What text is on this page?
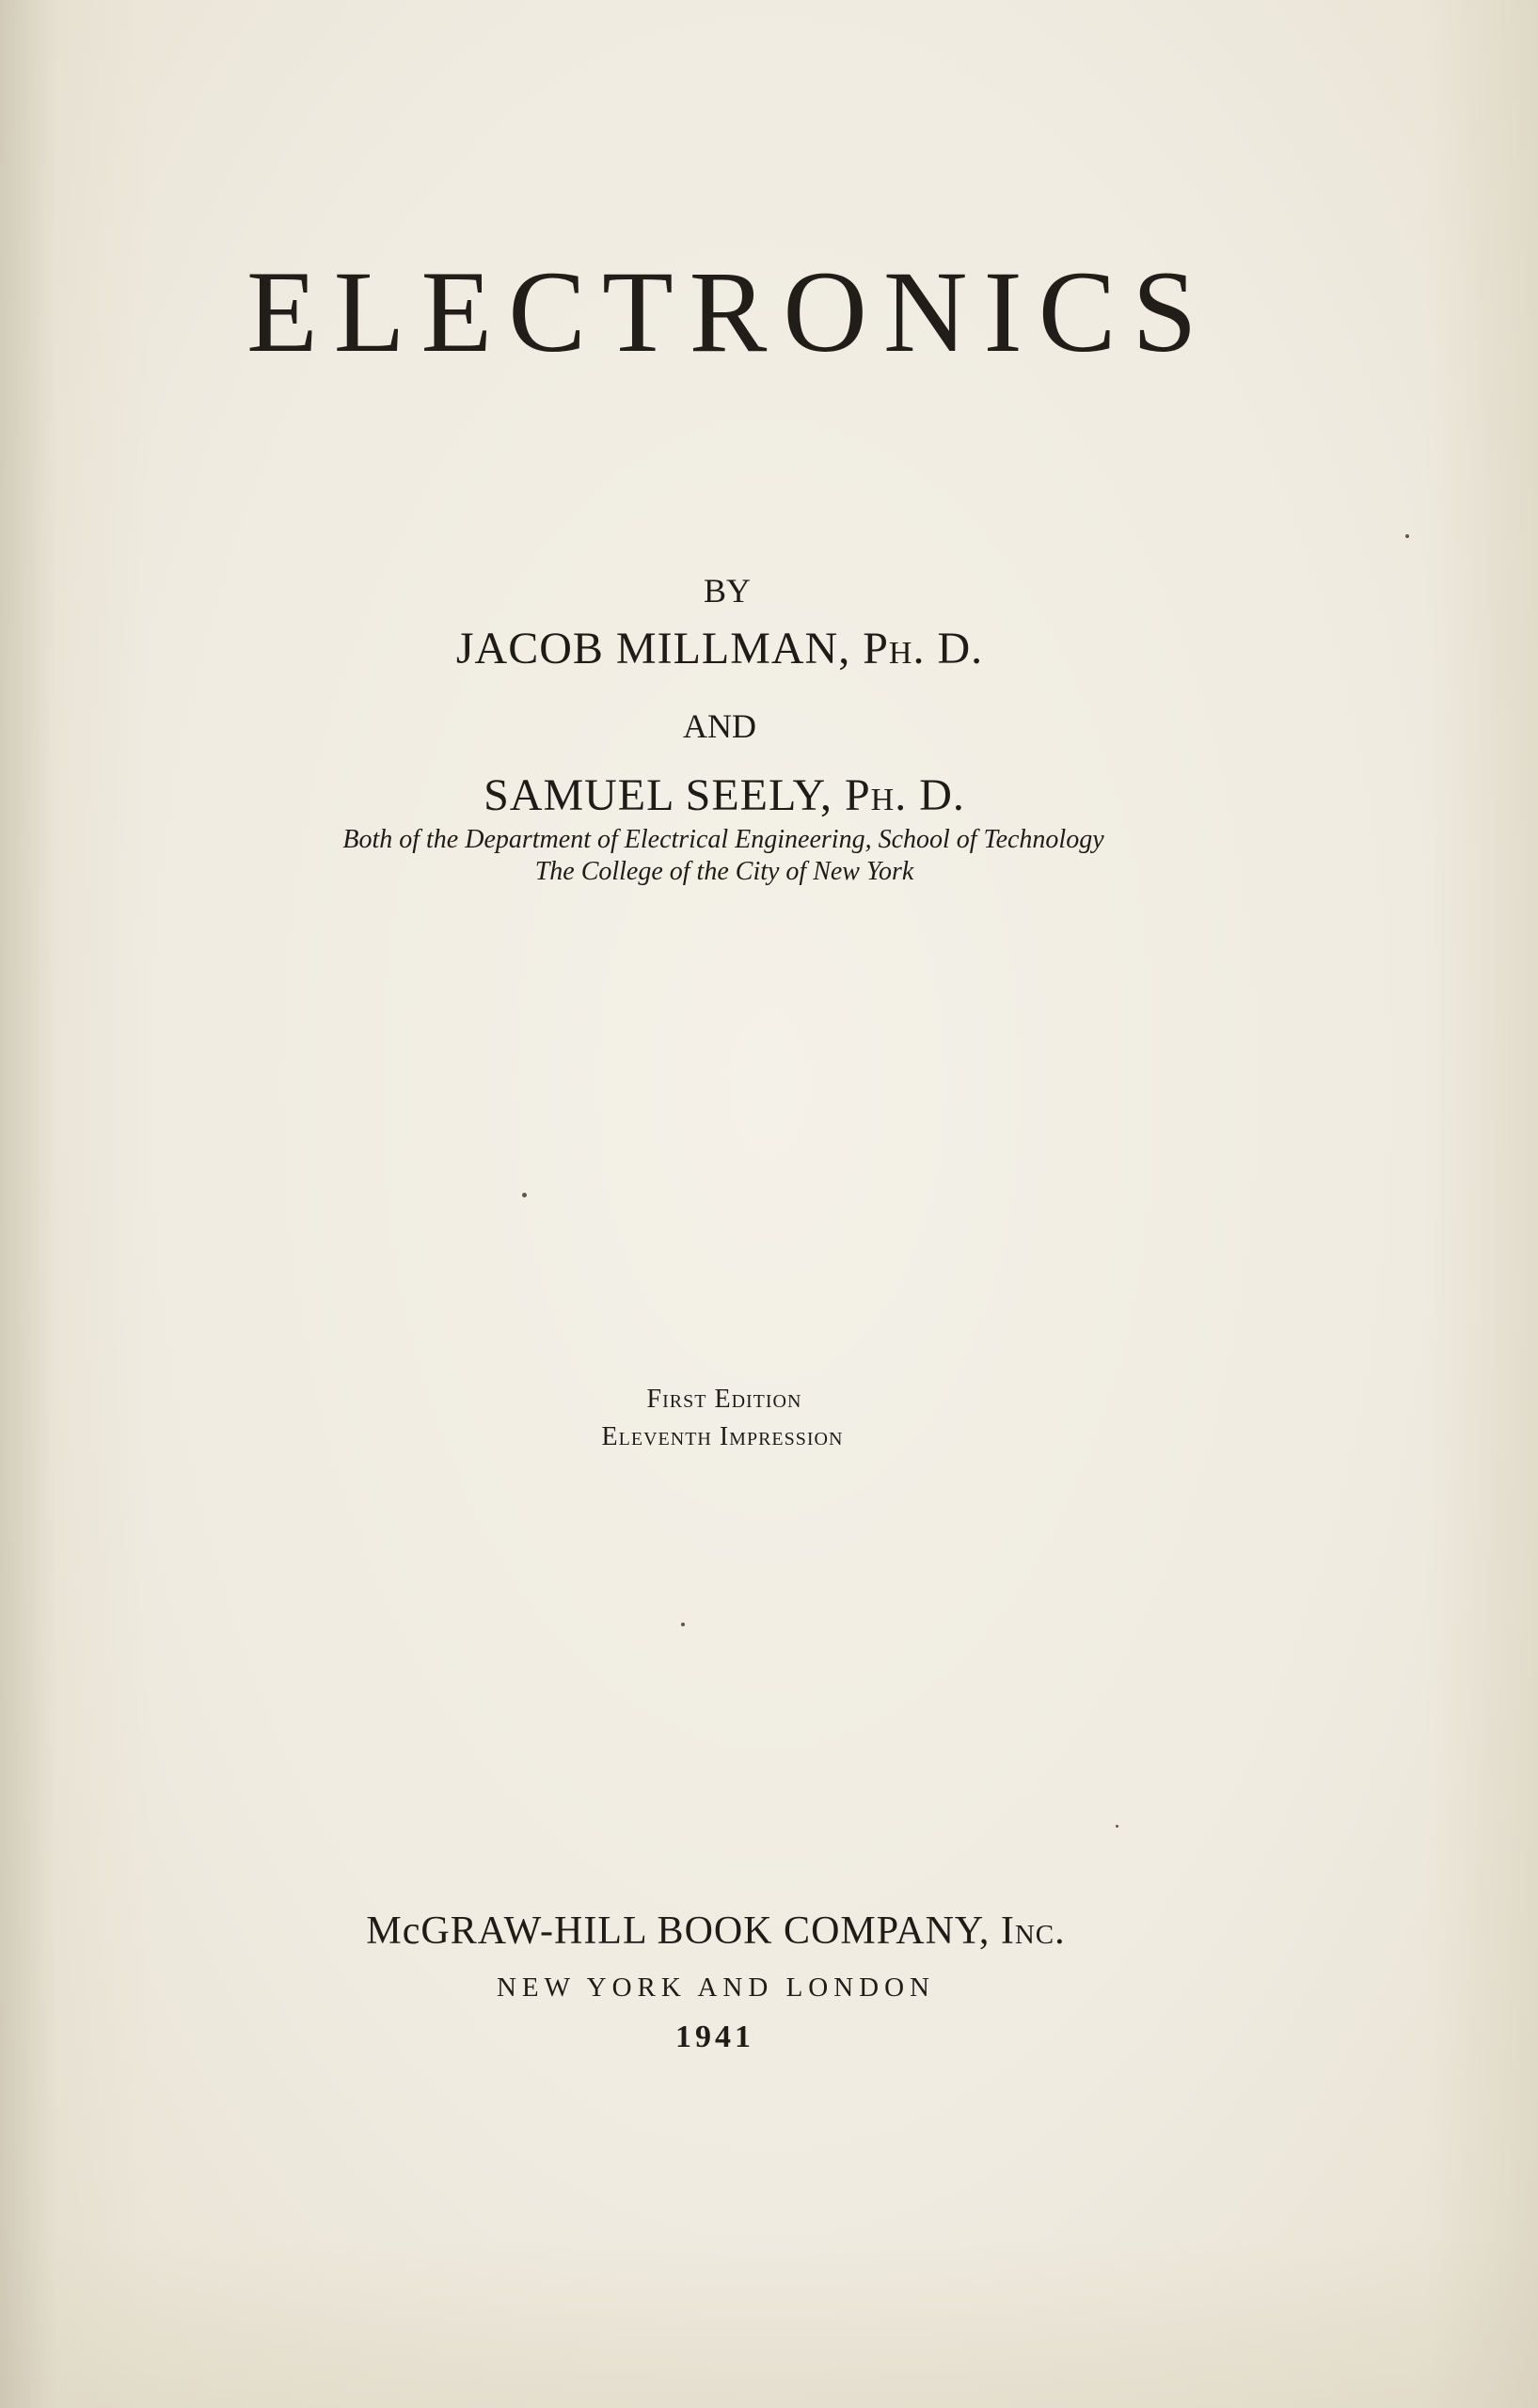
ELECTRONICS
BY
JACOB MILLMAN, Ph. D.
AND
SAMUEL SEELY, Ph. D.
Both of the Department of Electrical Engineering, School of Technology
The College of the City of New York
First Edition
Eleventh Impression
McGRAW-HILL BOOK COMPANY, Inc.
NEW YORK AND LONDON
1941
